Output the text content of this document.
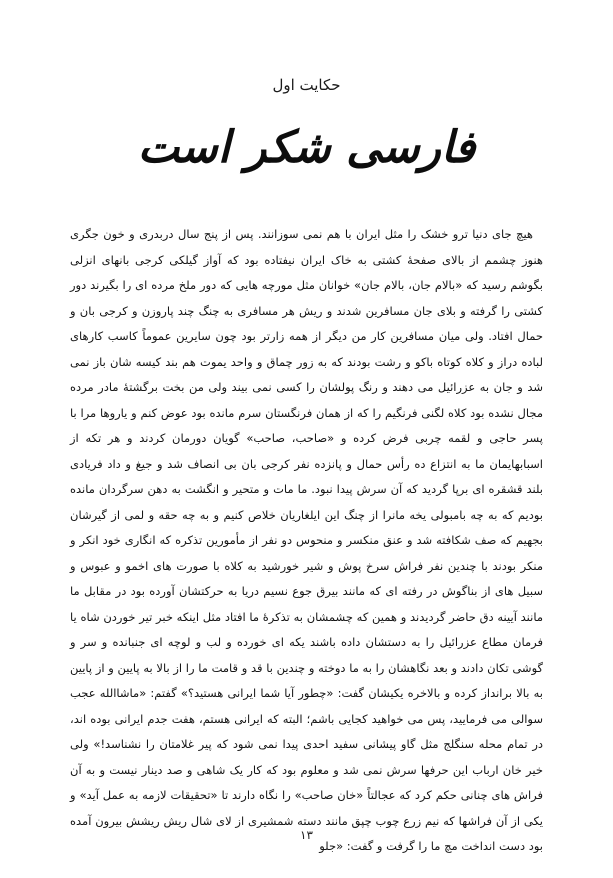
حکایت اول
فارسی شکر است

هیچ جای دنیا ترو خشک را مثل ایران با هم نمی سوزانند. پس از پنج سال دربدری و خون جگری هنوز چشمم از بالای صفحهٔ کشتی به خاک ایران نیفتاده بود که آواز گیلکی کرجی بانهای انزلی بگوشم رسید که «بالام جان، بالام جان» خوانان مثل مورچه هایی که دور ملخ مرده ای را بگیرند دور کشتی را گرفته و بلای جان مسافرین شدند و ریش هر مسافری به چنگ چند پاروزن و کرجی بان و حمال افتاد. ولی میان مسافرین کار من دیگر از همه زارتر بود چون سایرین عموماً کاسب کارهای لباده دراز و کلاه کوتاه باکو و رشت بودند که به زور چماق و واحد یموت هم بند کیسه شان باز نمی شد و جان به عزرائیل می دهند و رنگ پولشان را کسی نمی بیند ولی من بخت برگشتهٔ مادر مرده مجال نشده بود کلاه لگنی فرنگیم را که از همان فرنگستان سرم مانده بود عوض کنم و یاروها مرا با پسر حاجی و لقمه چربی فرض کرده و «صاحب، صاحب» گویان دورمان کردند و هر تکه از اسبابهایمان ما به انتزاع ده رأس حمال و پانزده نفر کرجی بان بی انصاف شد و جیغ و داد فریادی بلند قشقره ای برپا گردید که آن سرش پیدا نبود. ما مات و متحیر و انگشت به دهن سرگردان مانده بودیم که به چه بامبولی یخه مانرا از چنگ این ایلغاریان خلاص کنیم و به چه حقه و لمی از گیرشان بجهیم که صف شکافته شد و عنق منکسر و منحوس دو نفر از مأمورین تذکره که انگاری خود انکر و منکر بودند با چندین نفر فراش سرخ پوش و شیر خورشید به کلاه با صورت های اخمو و عبوس و سبیل های از بناگوش در رفته ای که مانند بیرق جوع نسیم دریا به حرکتشان آورده بود در مقابل ما مانند آیینه دق حاضر گردیدند و همین که چشمشان به تذکرهٔ ما افتاد مثل اینکه خبر تیر خوردن شاه یا فرمان مطاع عزرائیل را به دستشان داده باشند یکه ای خورده و لب و لوچه ای جنبانده و سر و گوشی تکان دادند و بعد نگاهشان را به ما دوخته و چندین با قد و قامت ما را از بالا به پایین و از پایین به بالا برانداز کرده و بالاخره یکیشان گفت: «چطور آیا شما ایرانی هستید؟» گفتم: «ماشاالله عجب سوالی می فرمایید، پس می خواهید کجایی باشم؛ البته که ایرانی هستم، هفت جدم ایرانی بوده اند، در تمام محله سنگلج مثل گاو پیشانی سفید احدی پیدا نمی شود که پیر غلامتان را نشناسد!» ولی خیر خان ارباب این حرفها سرش نمی شد و معلوم بود که کار یک شاهی و صد دینار نیست و به آن فراش های چنانی حکم کرد که عجالتاً «خان صاحب» را نگاه دارند تا «تحقیقات لازمه به عمل آید» و یکی از آن فراشها که نیم زرع چوب چپق مانند دسته شمشیری از لای شال ریش ریشش بیرون آمده بود دست انداخت مچ ما را گرفت و گفت: «جلو

١٣
